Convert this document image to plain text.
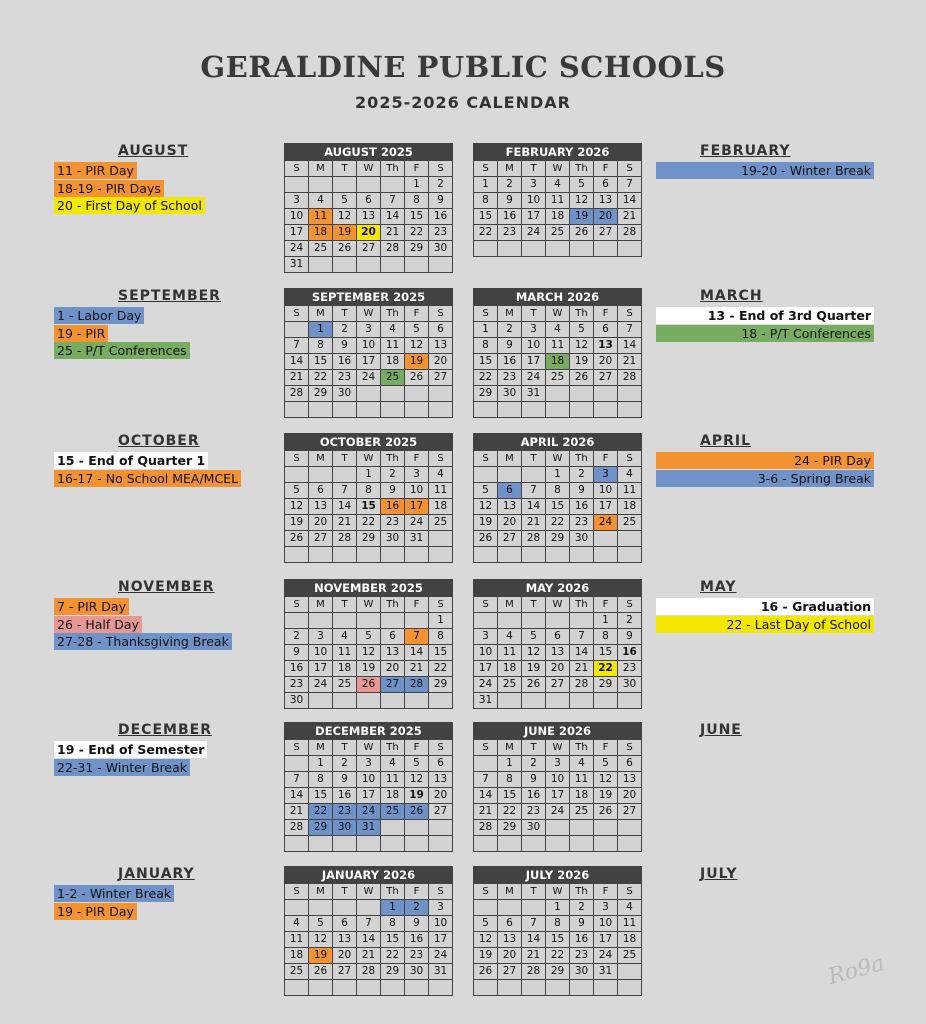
GERALDINE PUBLIC SCHOOLS
2025-2026 CALENDAR
AUGUST 2025						
S	M	T	W	Th	F	S
					1	2
3	4	5	6	7	8	9
10	11	12	13	14	15	16
17	18	19	20	21	22	23
24	25	26	27	28	29	30
31						
FEBRUARY 2026						
S	M	T	W	Th	F	S
1	2	3	4	5	6	7
8	9	10	11	12	13	14
15	16	17	18	19	20	21
22	23	24	25	26	27	28

SEPTEMBER 2025						
S	M	T	W	Th	F	S
	1	2	3	4	5	6
7	8	9	10	11	12	13
14	15	16	17	18	19	20
21	22	23	24	25	26	27
28	29	30				

MARCH 2026						
S	M	T	W	Th	F	S
1	2	3	4	5	6	7
8	9	10	11	12	13	14
15	16	17	18	19	20	21
22	23	24	25	26	27	28
29	30	31				

OCTOBER 2025						
S	M	T	W	Th	F	S
			1	2	3	4
5	6	7	8	9	10	11
12	13	14	15	16	17	18
19	20	21	22	23	24	25
26	27	28	29	30	31	

APRIL 2026						
S	M	T	W	Th	F	S
			1	2	3	4
5	6	7	8	9	10	11
12	13	14	15	16	17	18
19	20	21	22	23	24	25
26	27	28	29	30		

NOVEMBER 2025						
S	M	T	W	Th	F	S
						1
2	3	4	5	6	7	8
9	10	11	12	13	14	15
16	17	18	19	20	21	22
23	24	25	26	27	28	29
30						
MAY 2026						
S	M	T	W	Th	F	S
					1	2
3	4	5	6	7	8	9
10	11	12	13	14	15	16
17	18	19	20	21	22	23
24	25	26	27	28	29	30
31						
DECEMBER 2025						
S	M	T	W	Th	F	S
	1	2	3	4	5	6
7	8	9	10	11	12	13
14	15	16	17	18	19	20
21	22	23	24	25	26	27
28	29	30	31			

JUNE 2026						
S	M	T	W	Th	F	S
	1	2	3	4	5	6
7	8	9	10	11	12	13
14	15	16	17	18	19	20
21	22	23	24	25	26	27
28	29	30				

JANUARY 2026						
S	M	T	W	Th	F	S
				1	2	3
4	5	6	7	8	9	10
11	12	13	14	15	16	17
18	19	20	21	22	23	24
25	26	27	28	29	30	31

JULY 2026						
S	M	T	W	Th	F	S
			1	2	3	4
5	6	7	8	9	10	11
12	13	14	15	16	17	18
19	20	21	22	23	24	25
26	27	28	29	30	31	

AUGUST
11 - PIR Day
18-19 - PIR Days
20 - First Day of School
SEPTEMBER
1 - Labor Day
19 - PIR
25 - P/T Conferences
OCTOBER
15 - End of Quarter 1
16-17 - No School MEA/MCEL
NOVEMBER
7 - PIR Day
26 - Half Day
27-28 - Thanksgiving Break
DECEMBER
19 - End of Semester
22-31 - Winter Break
JANUARY
1-2 - Winter Break
19 - PIR Day
FEBRUARY
19-20 - Winter Break
MARCH
13 - End of 3rd Quarter
18 - P/T Conferences
APRIL
24 - PIR Day
3-6 - Spring Break
MAY
16 - Graduation
22 - Last Day of School
JUNE
JULY
Ro9a
